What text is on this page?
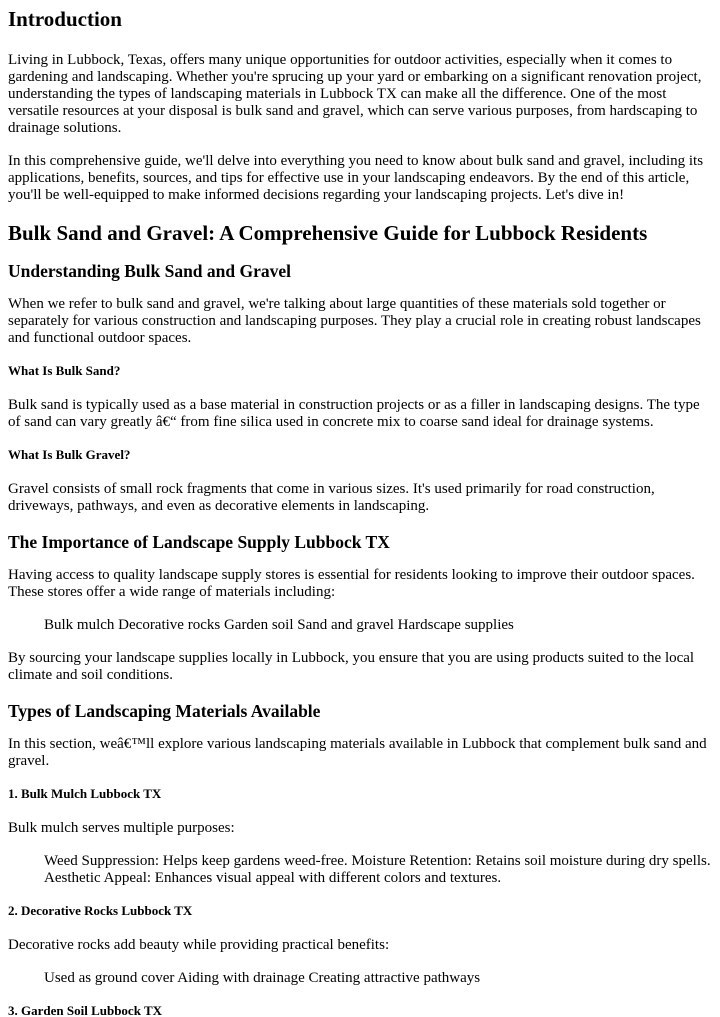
Introduction

Living in Lubbock, Texas, offers many unique opportunities for outdoor activities, especially when it comes to gardening and landscaping. Whether you're sprucing up your yard or embarking on a significant renovation project, understanding the types of landscaping materials in Lubbock TX can make all the difference. One of the most versatile resources at your disposal is bulk sand and gravel, which can serve various purposes, from hardscaping to drainage solutions.

In this comprehensive guide, we'll delve into everything you need to know about bulk sand and gravel, including its applications, benefits, sources, and tips for effective use in your landscaping endeavors. By the end of this article, you'll be well-equipped to make informed decisions regarding your landscaping projects. Let's dive in!

Bulk Sand and Gravel: A Comprehensive Guide for Lubbock Residents
Understanding Bulk Sand and Gravel

When we refer to bulk sand and gravel, we're talking about large quantities of these materials sold together or separately for various construction and landscaping purposes. They play a crucial role in creating robust landscapes and functional outdoor spaces.

What Is Bulk Sand?

Bulk sand is typically used as a base material in construction projects or as a filler in landscaping designs. The type of sand can vary greatly â€“ from fine silica used in concrete mix to coarse sand ideal for drainage systems.

What Is Bulk Gravel?

Gravel consists of small rock fragments that come in various sizes. It's used primarily for road construction, driveways, pathways, and even as decorative elements in landscaping.

The Importance of Landscape Supply Lubbock TX

Having access to quality landscape supply stores is essential for residents looking to improve their outdoor spaces. These stores offer a wide range of materials including:

Bulk mulch Decorative rocks Garden soil Sand and gravel Hardscape supplies

By sourcing your landscape supplies locally in Lubbock, you ensure that you are using products suited to the local climate and soil conditions.

Types of Landscaping Materials Available

In this section, weâ€™ll explore various landscaping materials available in Lubbock that complement bulk sand and gravel.

1. Bulk Mulch Lubbock TX

Bulk mulch serves multiple purposes:

Weed Suppression: Helps keep gardens weed-free. Moisture Retention: Retains soil moisture during dry spells. Aesthetic Appeal: Enhances visual appeal with different colors and textures.
2. Decorative Rocks Lubbock TX

Decorative rocks add beauty while providing practical benefits:

Used as ground cover Aiding with drainage Creating attractive pathways
3. Garden Soil Lubbock TX
